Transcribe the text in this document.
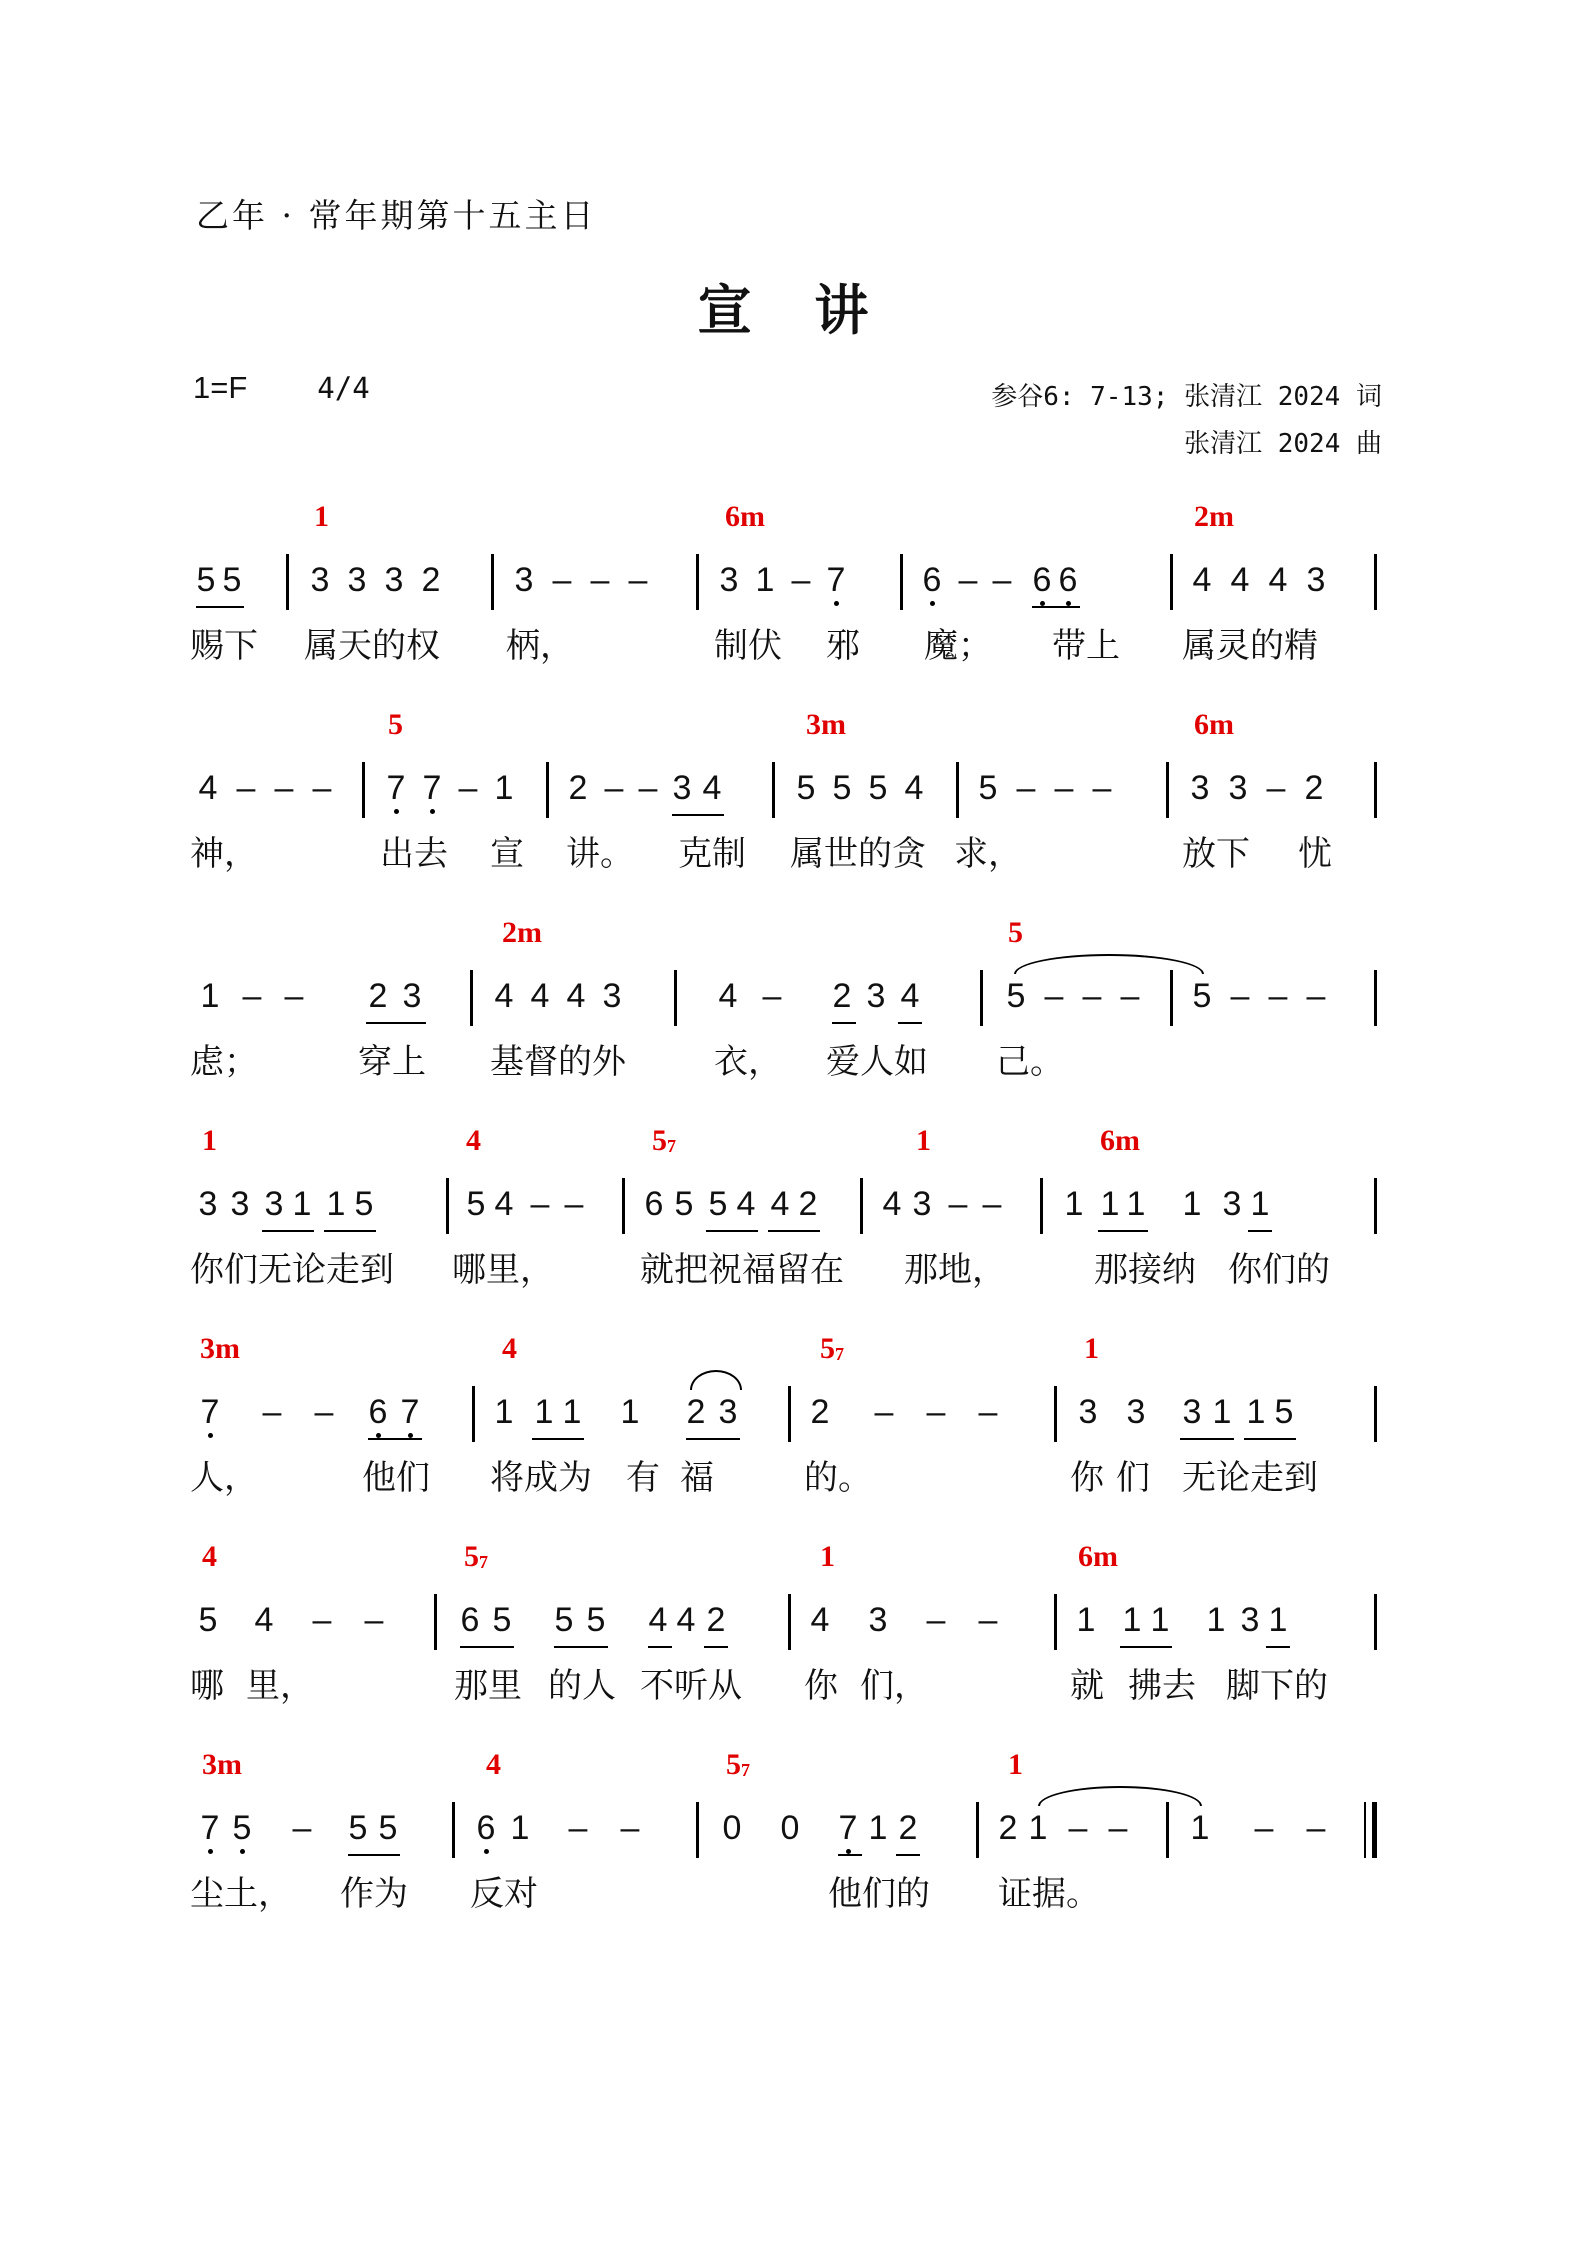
乙年 · 常年期第十五主日
宣 讲
1=F 4/4	参谷6: 7-13; 张清江 2024 词
张清江 2024 曲
1	6m	2m
5 5 3 3 3 2 3 – – – 3 1 – 7 6 – – 6 6	4 4 4 3
赐下 属天的权 柄，	制伏 邪 魔； 带上 属灵的精
5	3m	6m
4 – – – 7 7 – 1 2 – – 3 4 5 5 5 4 5 – – – 3 3 – 2
神，	出去 宣 讲。 克制 属世的贪 求，	放下 忧
2m	5
1 – – 2 3 4 4 4 3	4 – 2 3 4	5 – – – 5 – – –
虑；	穿上 基督的外	衣， 爱人如 己。
1	4	$5_7$	1	6m
3 3 3 1 1 5	5 4 – – 6 5 5 4 4 2 4 3 – – 1 1 1 1 3 1
你们无论走到 哪里，	就把祝福留在 那地，	那接纳 你们的
3m	4	$5_7$	1
7 – – 6 7 1 1 1 1 2 3 2 – – – 3 3 3 1 1 5
人，	他们 将成为 有 福	的。	你 们 无论走到
4	$5_7$	1	6m
5 4 – – 6 5 5 5 4 4 2	4 3 – – 1 1 1 1 3 1
哪 里，	那里 的人 不听从 你 们，	就 拂去 脚下的
3m	4	$5_7$	1
7 5 – 5 5 6 1 – – 0 0 7 1 2 2 1 – – 1 – –
尘土， 作为 反对	他们的 证据。
